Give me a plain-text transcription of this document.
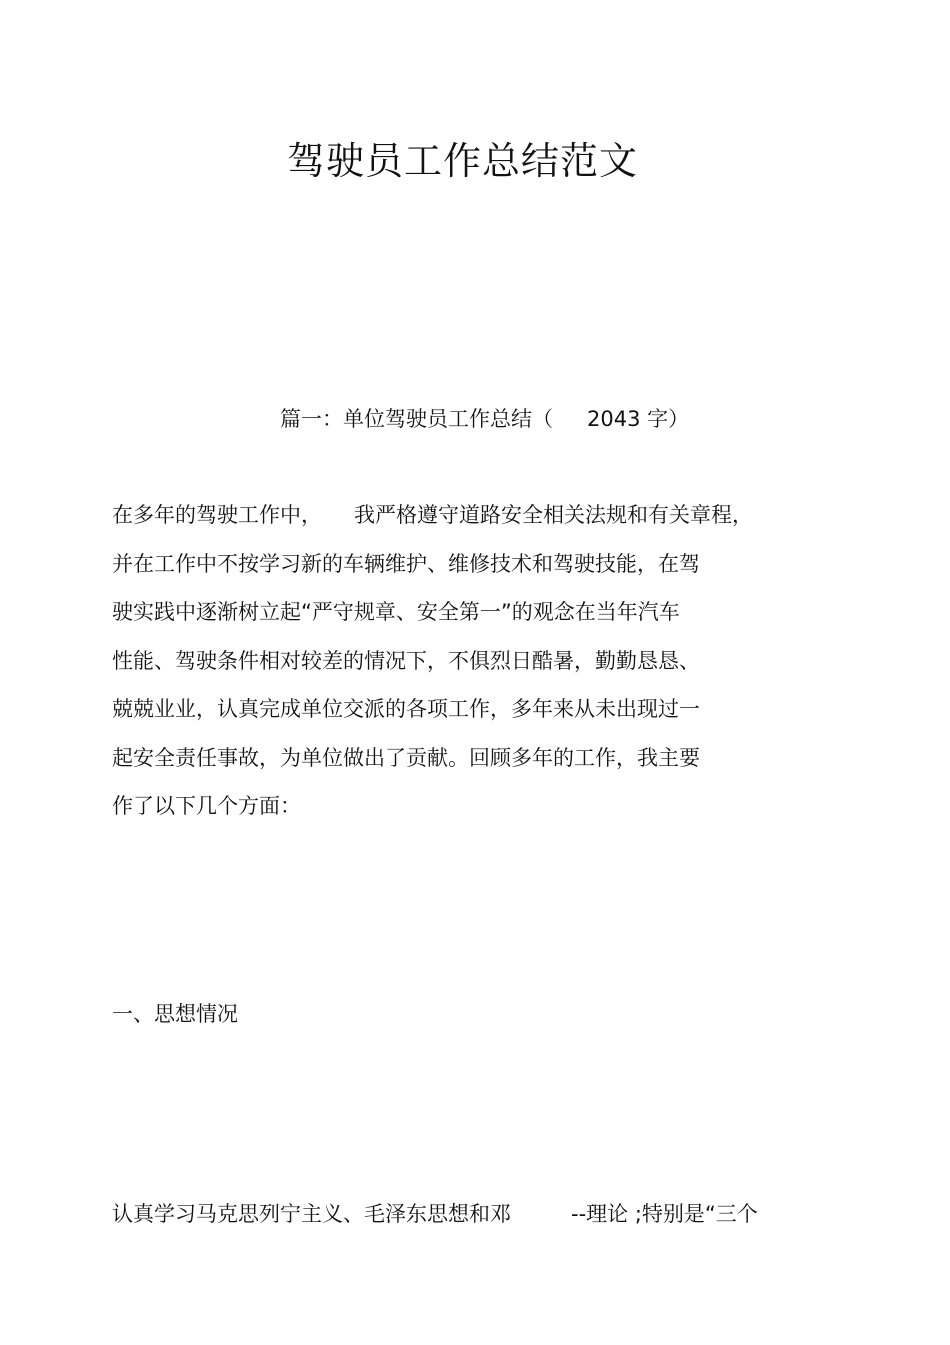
驾驶员工作总结范文

篇一：单位驾驶员工作总结（ 2043 字）

在多年的驾驶工作中， 我严格遵守道路安全相关法规和有关章程，
并在工作中不按学习新的车辆维护、维修技术和驾驶技能，在驾
驶实践中逐渐树立起“严守规章、安全第一”的观念在当年汽车
性能、驾驶条件相对较差的情况下，不俱烈日酷暑，勤勤恳恳、
兢兢业业，认真完成单位交派的各项工作，多年来从未出现过一
起安全责任事故，为单位做出了贡献。回顾多年的工作，我主要
作了以下几个方面：
一、思想情况

认真学习马克思列宁主义、毛泽东思想和邓	--理论 ;特别是“三个
